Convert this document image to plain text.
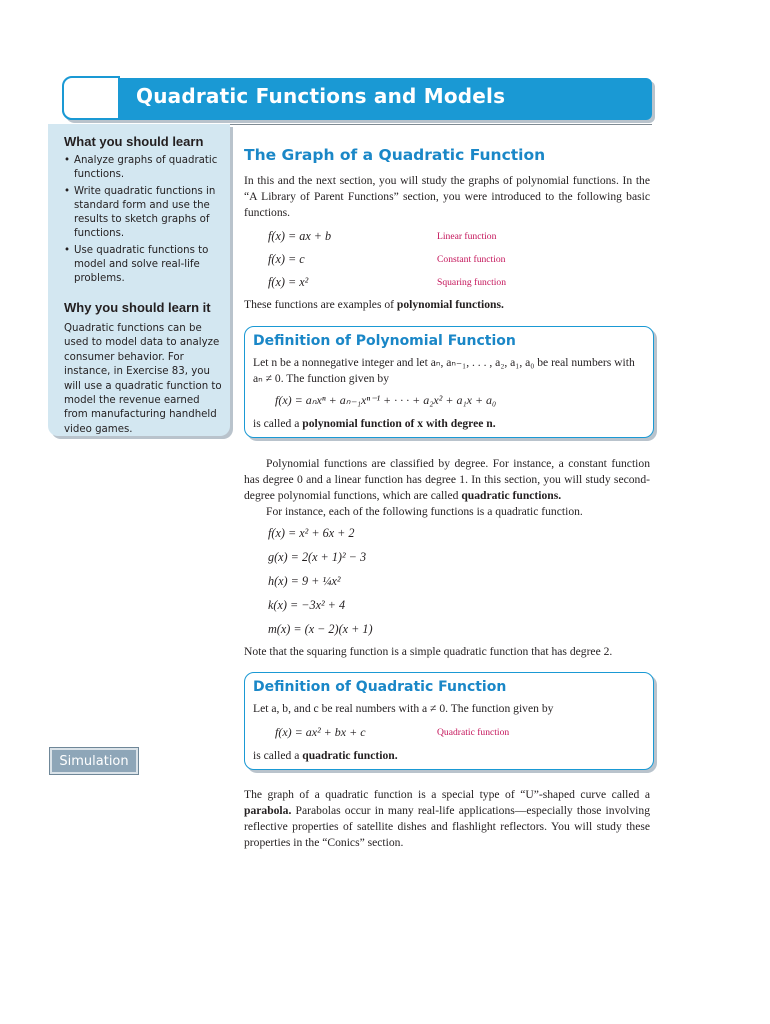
Quadratic Functions and Models
What you should learn
• Analyze graphs of quadratic functions.
• Write quadratic functions in standard form and use the results to sketch graphs of functions.
• Use quadratic functions to model and solve real-life problems.
Why you should learn it
Quadratic functions can be used to model data to analyze consumer behavior. For instance, in Exercise 83, you will use a quadratic function to model the revenue earned from manufacturing handheld video games.
Simulation
The Graph of a Quadratic Function
In this and the next section, you will study the graphs of polynomial functions. In the “A Library of Parent Functions” section, you were introduced to the following basic functions.
f(x) = ax + b	Linear function
f(x) = c	Constant function
f(x) = x²	Squaring function
These functions are examples of polynomial functions.
Definition of Polynomial Function
Let n be a nonnegative integer and let aₙ, aₙ₋₁, . . . , a₂, a₁, a₀ be real numbers with aₙ ≠ 0. The function given by
f(x) = aₙxⁿ + aₙ₋₁xⁿ⁻¹ + · · · + a₂x² + a₁x + a₀
is called a polynomial function of x with degree n.
Polynomial functions are classified by degree. For instance, a constant function has degree 0 and a linear function has degree 1. In this section, you will study second-degree polynomial functions, which are called quadratic functions.
For instance, each of the following functions is a quadratic function.
f(x) = x² + 6x + 2
g(x) = 2(x + 1)² − 3
h(x) = 9 + ¼x²
k(x) = −3x² + 4
m(x) = (x − 2)(x + 1)
Note that the squaring function is a simple quadratic function that has degree 2.
Definition of Quadratic Function
Let a, b, and c be real numbers with a ≠ 0. The function given by
f(x) = ax² + bx + c	Quadratic function
is called a quadratic function.
The graph of a quadratic function is a special type of “U”-shaped curve called a parabola. Parabolas occur in many real-life applications—especially those involving reflective properties of satellite dishes and flashlight reflectors. You will study these properties in the “Conics” section.
